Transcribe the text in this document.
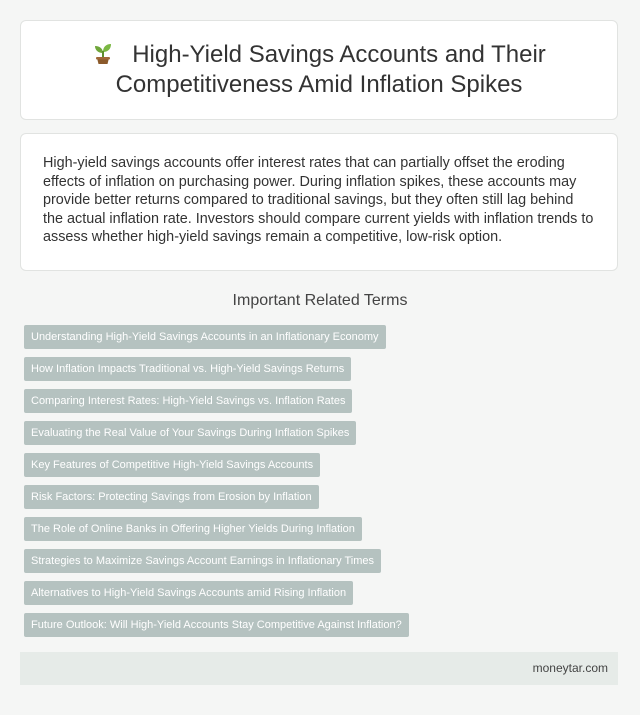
High-Yield Savings Accounts and Their Competitiveness Amid Inflation Spikes

High-yield savings accounts offer interest rates that can partially offset the eroding effects of inflation on purchasing power. During inflation spikes, these accounts may provide better returns compared to traditional savings, but they often still lag behind the actual inflation rate. Investors should compare current yields with inflation trends to assess whether high-yield savings remain a competitive, low-risk option.

Important Related Terms
Understanding High-Yield Savings Accounts in an Inflationary Economy
How Inflation Impacts Traditional vs. High-Yield Savings Returns
Comparing Interest Rates: High-Yield Savings vs. Inflation Rates
Evaluating the Real Value of Your Savings During Inflation Spikes
Key Features of Competitive High-Yield Savings Accounts
Risk Factors: Protecting Savings from Erosion by Inflation
The Role of Online Banks in Offering Higher Yields During Inflation
Strategies to Maximize Savings Account Earnings in Inflationary Times
Alternatives to High-Yield Savings Accounts amid Rising Inflation
Future Outlook: Will High-Yield Accounts Stay Competitive Against Inflation?
moneytar.com
